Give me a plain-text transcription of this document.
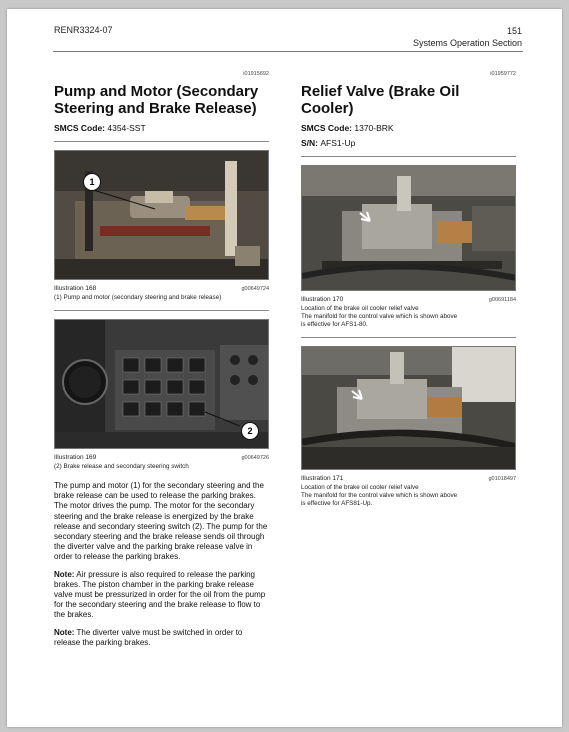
RENR3324-07	151
Systems Operation Section
i01915692
Pump and Motor (Secondary
Steering and Brake Release)
SMCS Code: 4354-SST
1
Illustration 168	g00649724
(1) Pump and motor (secondary steering and brake release)
2
Illustration 169	g00649726
(2) Brake release and secondary steering switch

The pump and motor (1) for the secondary steering and the brake release can be used to release the parking brakes. The motor drives the pump. The motor for the secondary steering and the brake release is energized by the brake release and secondary steering switch (2). The pump for the secondary steering and the brake release sends oil through the diverter valve and the parking brake release valve in order to release the parking brakes.

Note: Air pressure is also required to release the parking brakes. The piston chamber in the parking brake release valve must be pressurized in order for the oil from the pump for the secondary steering and the brake release to flow to the brakes.

Note: The diverter valve must be switched in order to release the parking brakes.

i01959772
Relief Valve (Brake Oil Cooler)
SMCS Code: 1370-BRK
S/N: AFS1-Up
Illustration 170	g00691184
Location of the brake oil cooler relief valve
The manifold for the control valve which is shown above
is effective for AFS1-80.
Illustration 171	g01018497
Location of the brake oil cooler relief valve
The manifold for the control valve which is shown above
is effective for AFS81-Up.
